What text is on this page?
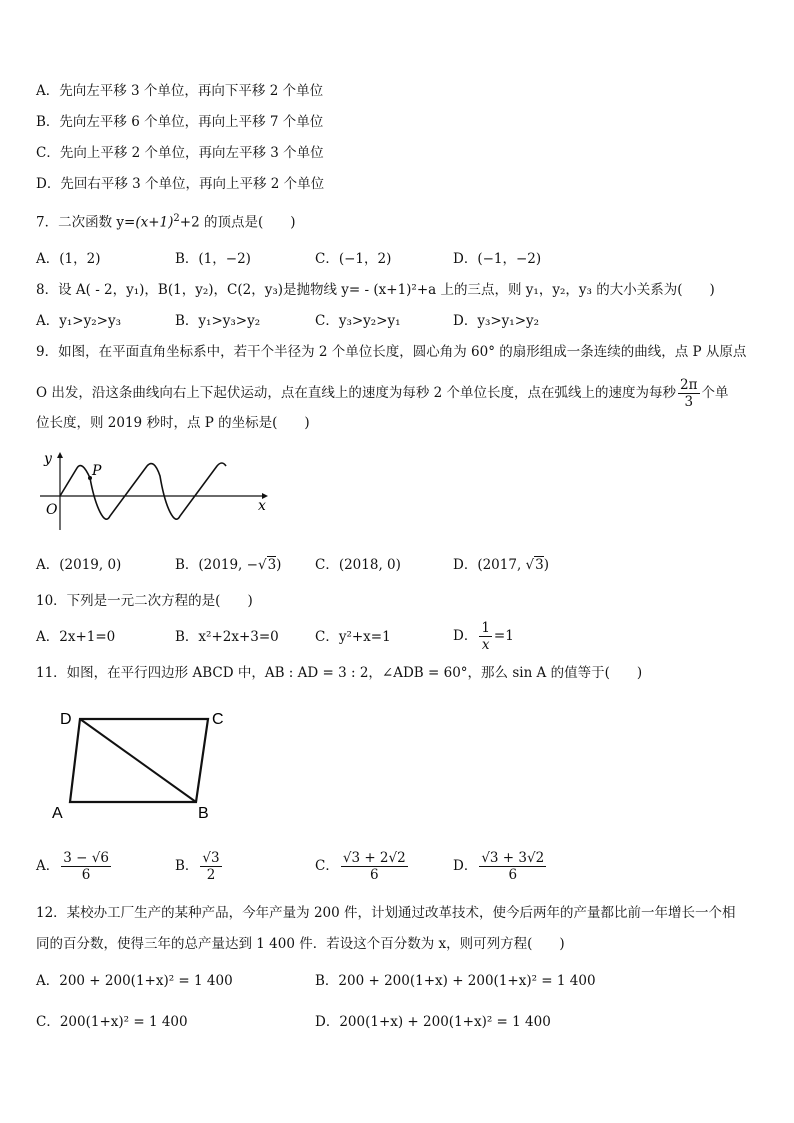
A．先向左平移 3 个单位，再向下平移 2 个单位
B．先向左平移 6 个单位，再向上平移 7 个单位
C．先向上平移 2 个单位，再向左平移 3 个单位
D．先回右平移 3 个单位，再向上平移 2 个单位
7．二次函数 $y=(x+1)^2+2$ 的顶点是(　　)
A．(1，2)	B．(1，−2)	C．(−1，2)	D．(−1，−2)
8．设 A( - 2，y₁)，B(1，y₂)，C(2，y₃)是抛物线 y= - (x+1)²+a 上的三点，则 y₁，y₂，y₃ 的大小关系为(　　)
A．y₁>y₂>y₃	B．y₁>y₃>y₂	C．y₃>y₂>y₁	D．y₃>y₁>y₂
9．如图，在平面直角坐标系中，若干个半径为 2 个单位长度，圆心角为 60° 的扇形组成一条连续的曲线，点 P 从原点
O 出发，沿这条曲线向右上下起伏运动，点在直线上的速度为每秒 2 个单位长度，点在弧线上的速度为每秒 $\frac{2\pi}{3}$ 个单
位长度，则 2019 秒时，点 P 的坐标是(　　)
y
P
O	x
A．(2019, 0)	B．(2019, −√3) C．(2018, 0)	D．(2017, √3)
10．下列是一元二次方程的是(　　)
A．2x+1=0	B．x²+2x+3=0	C．y²+x=1	D． $\frac{1}{x} =1$
11．如图，在平行四边形 ABCD 中，AB : AD = 3 : 2，∠ADB = 60°，那么 sin A 的值等于(　　)
D	C
A	B
A． $\frac{3 - √6}{6}$	B． $\frac{√3}{2}$	C． $\frac{√3 + 2√2}{6}$	D． $\frac{√3 + 3√2}{6}$
12．某校办工厂生产的某种产品，今年产量为 200 件，计划通过改革技术，使今后两年的产量都比前一年增长一个相
同的百分数，使得三年的总产量达到 1 400 件．若设这个百分数为 x，则可列方程(　　)
A．200 + 200(1+x)² = 1 400	B．200 + 200(1+x) + 200(1+x)² = 1 400
C．200(1+x)² = 1 400	D．200(1+x) + 200(1+x)² = 1 400
